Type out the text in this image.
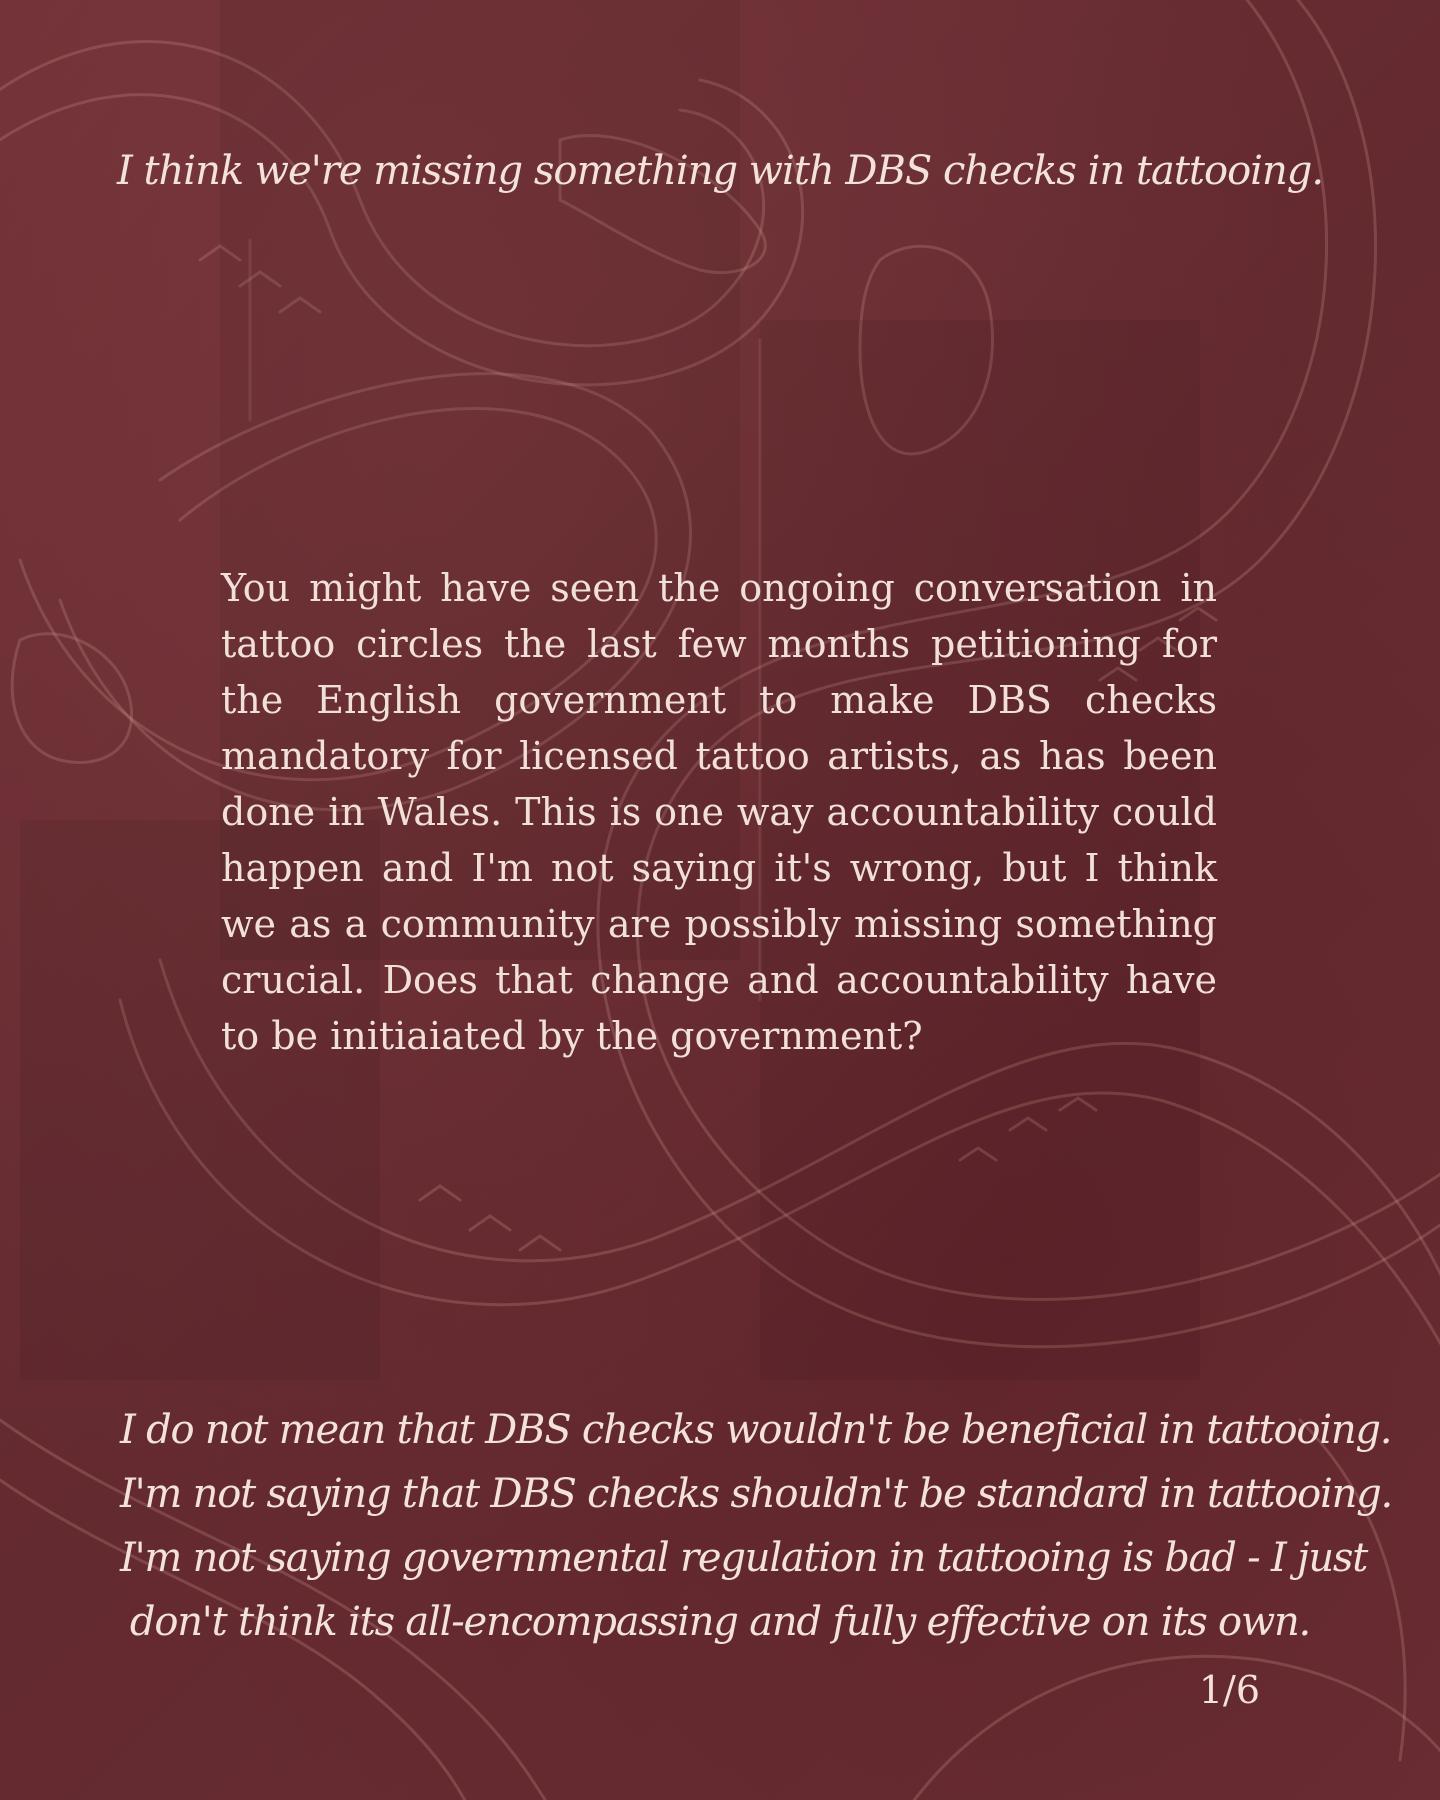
I think we're missing something with DBS checks in tattooing.

You might have seen the ongoing conversation in tattoo circles the last few months petitioning for the English government to make DBS checks mandatory for licensed tattoo artists, as has been done in Wales. This is one way accountability could happen and I'm not saying it's wrong, but I think we as a community are possibly missing something crucial. Does that change and accountability have to be initiaiated by the government?

I do not mean that DBS checks wouldn't be beneficial in tattooing.
I'm not saying that DBS checks shouldn't be standard in tattooing.
I'm not saying governmental regulation in tattooing is bad - I just
don't think its all-encompassing and fully effective on its own.
1/6
